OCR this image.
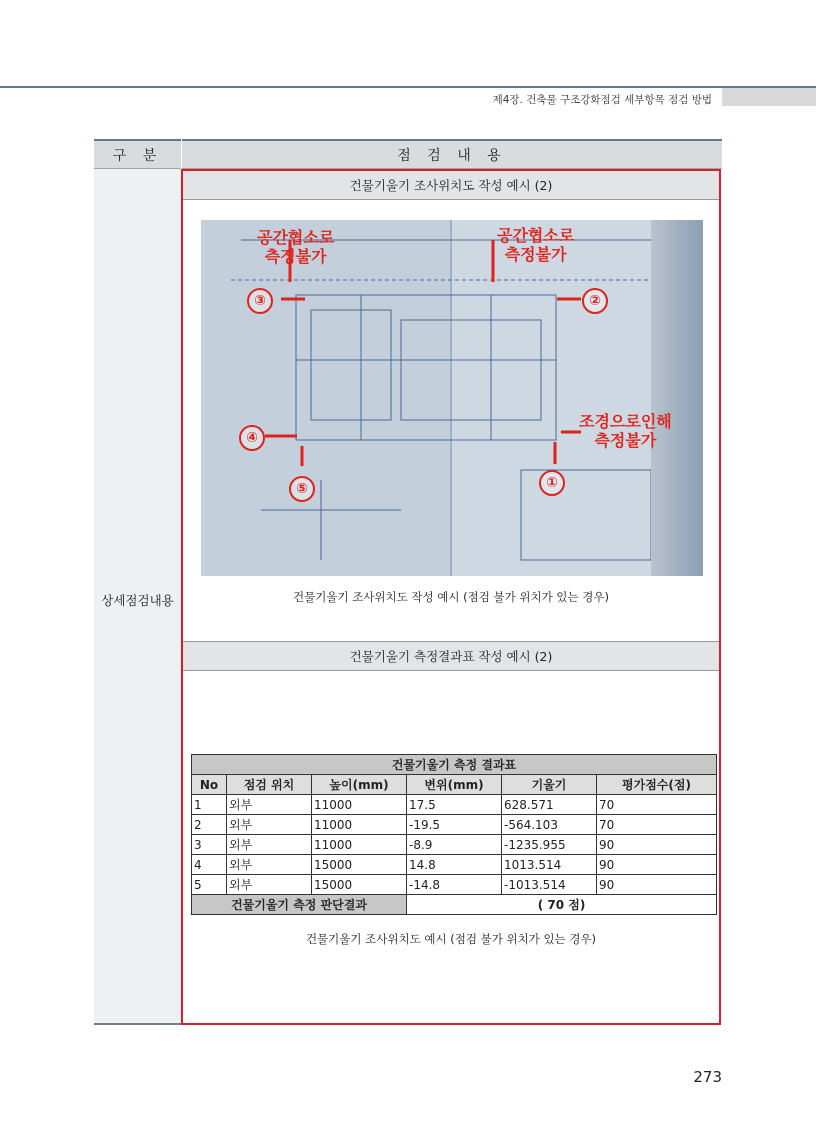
제4장. 건축물 구조강화점검 세부항목 점검 방법
구 분	점 검 내 용
상세점검내용
건물기울기 조사위치도 작성 예시 (2)
공간협소로
측정불가
공간협소로
측정불가
조경으로인해
측정불가
①
②
③
④
⑤
건물기울기 조사위치도 작성 예시 (점검 불가 위치가 있는 경우)
건물기울기 측정결과표 작성 예시 (2)
건물기울기 측정 결과표					
No	점검 위치	높이(mm)	변위(mm)	기울기	평가점수(점)
1	외부	11000	17.5	628.571	70
2	외부	11000	-19.5	-564.103	70
3	외부	11000	-8.9	-1235.955	90
4	외부	15000	14.8	1013.514	90
5	외부	15000	-14.8	-1013.514	90
건물기울기 측정 판단결과			( 70 점)		
건물기울기 조사위치도 예시 (점검 불가 위치가 있는 경우)
273
